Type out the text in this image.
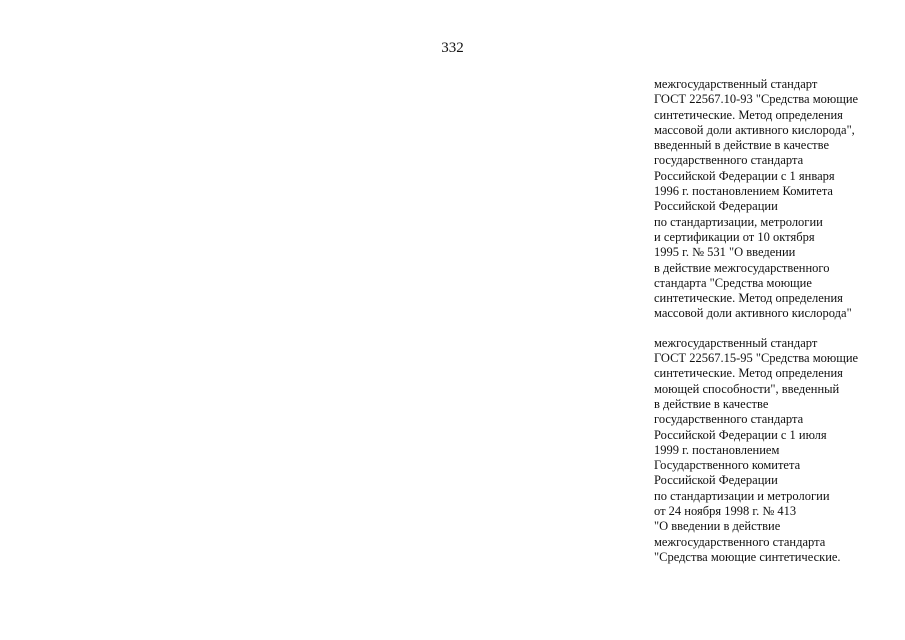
332

межгосударственный стандарт
ГОСТ 22567.10-93 "Средства моющие
синтетические. Метод определения
массовой доли активного кислорода",
введенный в действие в качестве
государственного стандарта
Российской Федерации с 1 января
1996 г. постановлением Комитета
Российской Федерации
по стандартизации, метрологии
и сертификации от 10 октября
1995 г. № 531 "О введении
в действие межгосударственного
стандарта "Средства моющие
синтетические. Метод определения
массовой доли активного кислорода"

межгосударственный стандарт
ГОСТ 22567.15-95 "Средства моющие
синтетические. Метод определения
моющей способности", введенный
в действие в качестве
государственного стандарта
Российской Федерации с 1 июля
1999 г. постановлением
Государственного комитета
Российской Федерации
по стандартизации и метрологии
от 24 ноября 1998 г. № 413
"О введении в действие
межгосударственного стандарта
"Средства моющие синтетические.
